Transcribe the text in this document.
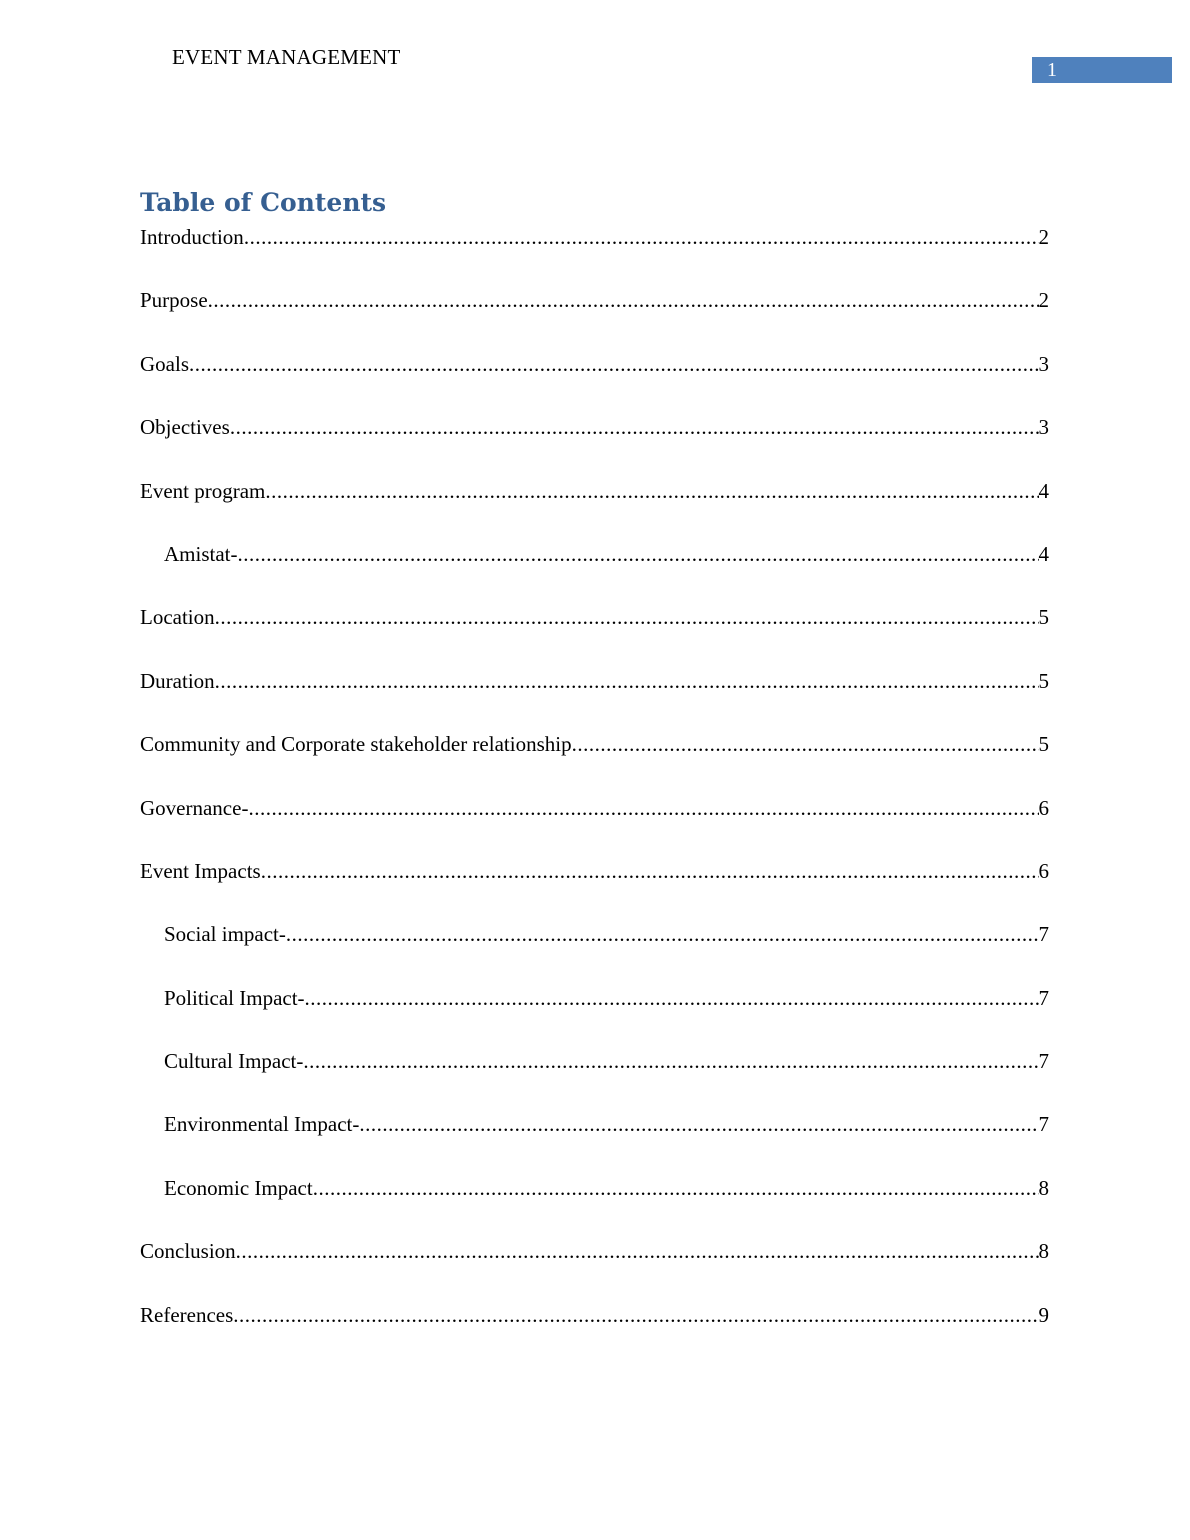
EVENT MANAGEMENT
1
Table of Contents
Introduction .....	2
Purpose .....	2
Goals .....	3
Objectives .....	3
Event program .....	4
Amistat- .....	4
Location .....	5
Duration .....	5
Community and Corporate stakeholder relationship .....	5
Governance- .....	6
Event Impacts .....	6
Social impact- .....	7
Political Impact- .....	7
Cultural Impact- .....	7
Environmental Impact- .....	7
Economic Impact .....	8
Conclusion .....	8
References .....	9
